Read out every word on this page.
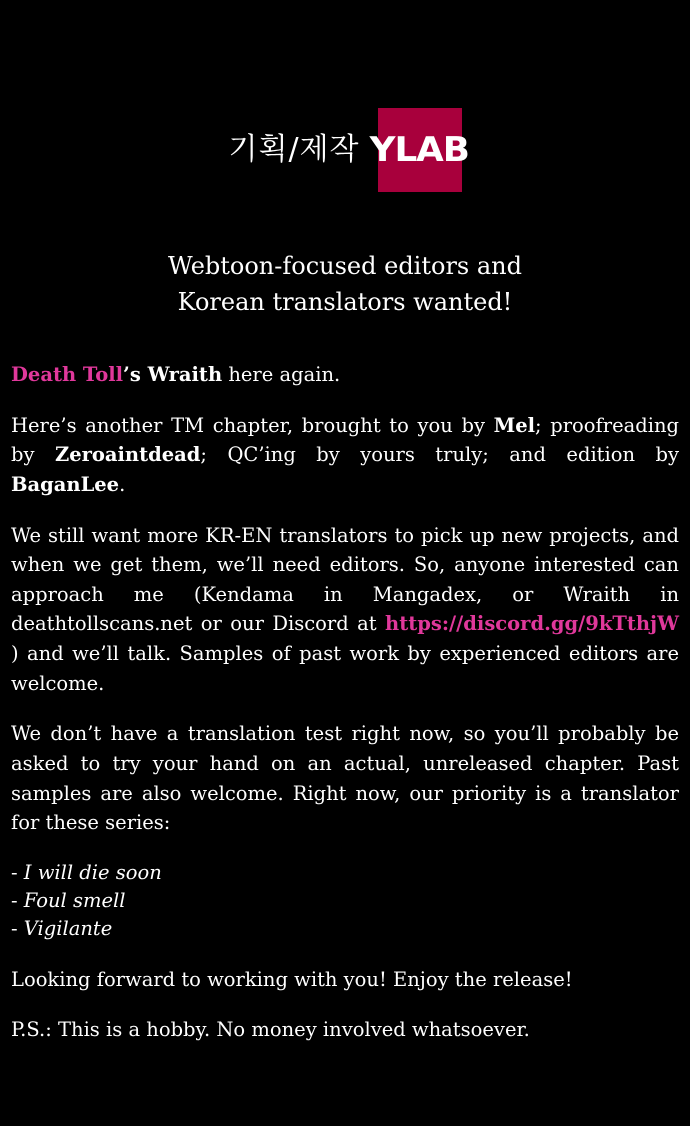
기획/제작 YLAB
Webtoon-focused editors and
Korean translators wanted!

Death Toll’s Wraith here again.

Here’s another TM chapter, brought to you by Mel; proofreading by Zeroaintdead; QC’ing by yours truly; and edition by BaganLee.

We still want more KR-EN translators to pick up new projects, and when we get them, we’ll need editors. So, anyone interested can approach me (Kendama in Mangadex, or Wraith in deathtollscans.net or our Discord at https://discord.gg/9kTthjW ) and we’ll talk. Samples of past work by experienced editors are welcome.

We don’t have a translation test right now, so you’ll probably be asked to try your hand on an actual, unreleased chapter. Past samples are also welcome. Right now, our priority is a translator for these series:

- I will die soon
- Foul smell
- Vigilante

Looking forward to working with you! Enjoy the release!

P.S.: This is a hobby. No money involved whatsoever.
